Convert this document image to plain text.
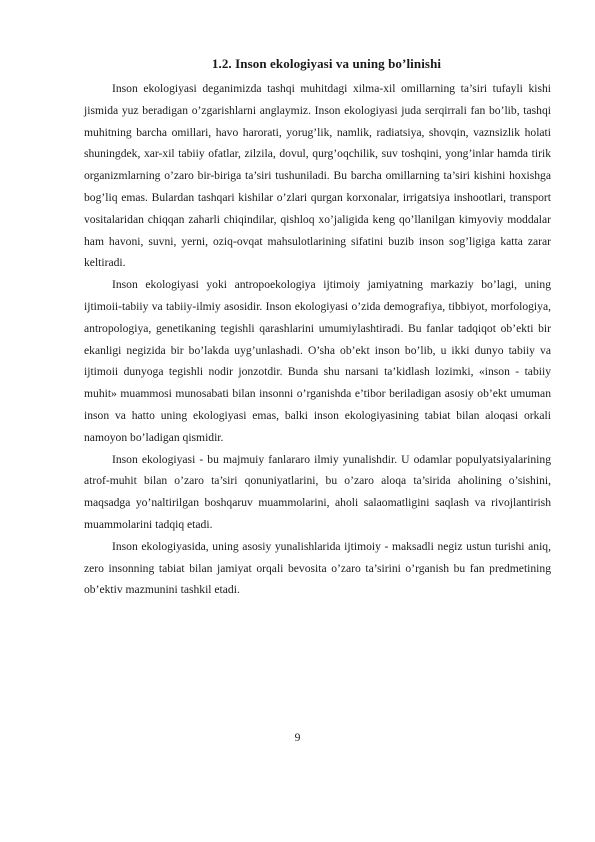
1.2. Inson ekologiyasi va uning bo’linishi

Inson ekologiyasi deganimizda tashqi muhitdagi xilma-xil omillarning ta’siri tufayli kishi jismida yuz beradigan o’zgarishlarni anglaymiz. Inson ekologiyasi juda serqirrali fan bo’lib, tashqi muhitning barcha omillari, havo harorati, yorug’lik, namlik, radiatsiya, shovqin, vaznsizlik holati shuningdek, xar-xil tabiiy ofatlar, zilzila, dovul, qurg’oqchilik, suv toshqini, yong’inlar hamda tirik organizmlarning o’zaro bir-biriga ta’siri tushuniladi. Bu barcha omillarning ta’siri kishini hoxishga bog’liq emas. Bulardan tashqari kishilar o’zlari qurgan korxonalar, irrigatsiya inshootlari, transport vositalaridan chiqqan zaharli chiqindilar, qishloq xo’jaligida keng qo’llanilgan kimyoviy moddalar ham havoni, suvni, yerni, oziq-ovqat mahsulotlarining sifatini buzib inson sog’ligiga katta zarar keltiradi.

Inson ekologiyasi yoki antropoekologiya ijtimoiy jamiyatning markaziy bo’lagi, uning ijtimoii-tabiiy va tabiiy-ilmiy asosidir. Inson ekologiyasi o’zida demografiya, tibbiyot, morfologiya, antropologiya, genetikaning tegishli qarashlarini umumiylashtiradi. Bu fanlar tadqiqot ob’ekti bir ekanligi negizida bir bo’lakda uyg’unlashadi. O’sha ob’ekt inson bo’lib, u ikki dunyo tabiiy va ijtimoii dunyoga tegishli nodir jonzotdir. Bunda shu narsani ta’kidlash lozimki, «inson - tabiiy muhit» muammosi munosabati bilan insonni o’rganishda e’tibor beriladigan asosiy ob’ekt umuman inson va hatto uning ekologiyasi emas, balki inson ekologiyasining tabiat bilan aloqasi orkali namoyon bo’ladigan qismidir.

Inson ekologiyasi - bu majmuiy fanlararo ilmiy yunalishdir. U odamlar populyatsiyalarining atrof-muhit bilan o’zaro ta’siri qonuniyatlarini, bu o’zaro aloqa ta’sirida aholining o’sishini, maqsadga yo’naltirilgan boshqaruv muammolarini, aholi salaomatligini saqlash va rivojlantirish muammolarini tadqiq etadi.

Inson ekologiyasida, uning asosiy yunalishlarida ijtimoiy - maksadli negiz ustun turishi aniq, zero insonning tabiat bilan jamiyat orqali bevosita o’zaro ta’sirini o’rganish bu fan predmetining ob’ektiv mazmunini tashkil etadi.

9
